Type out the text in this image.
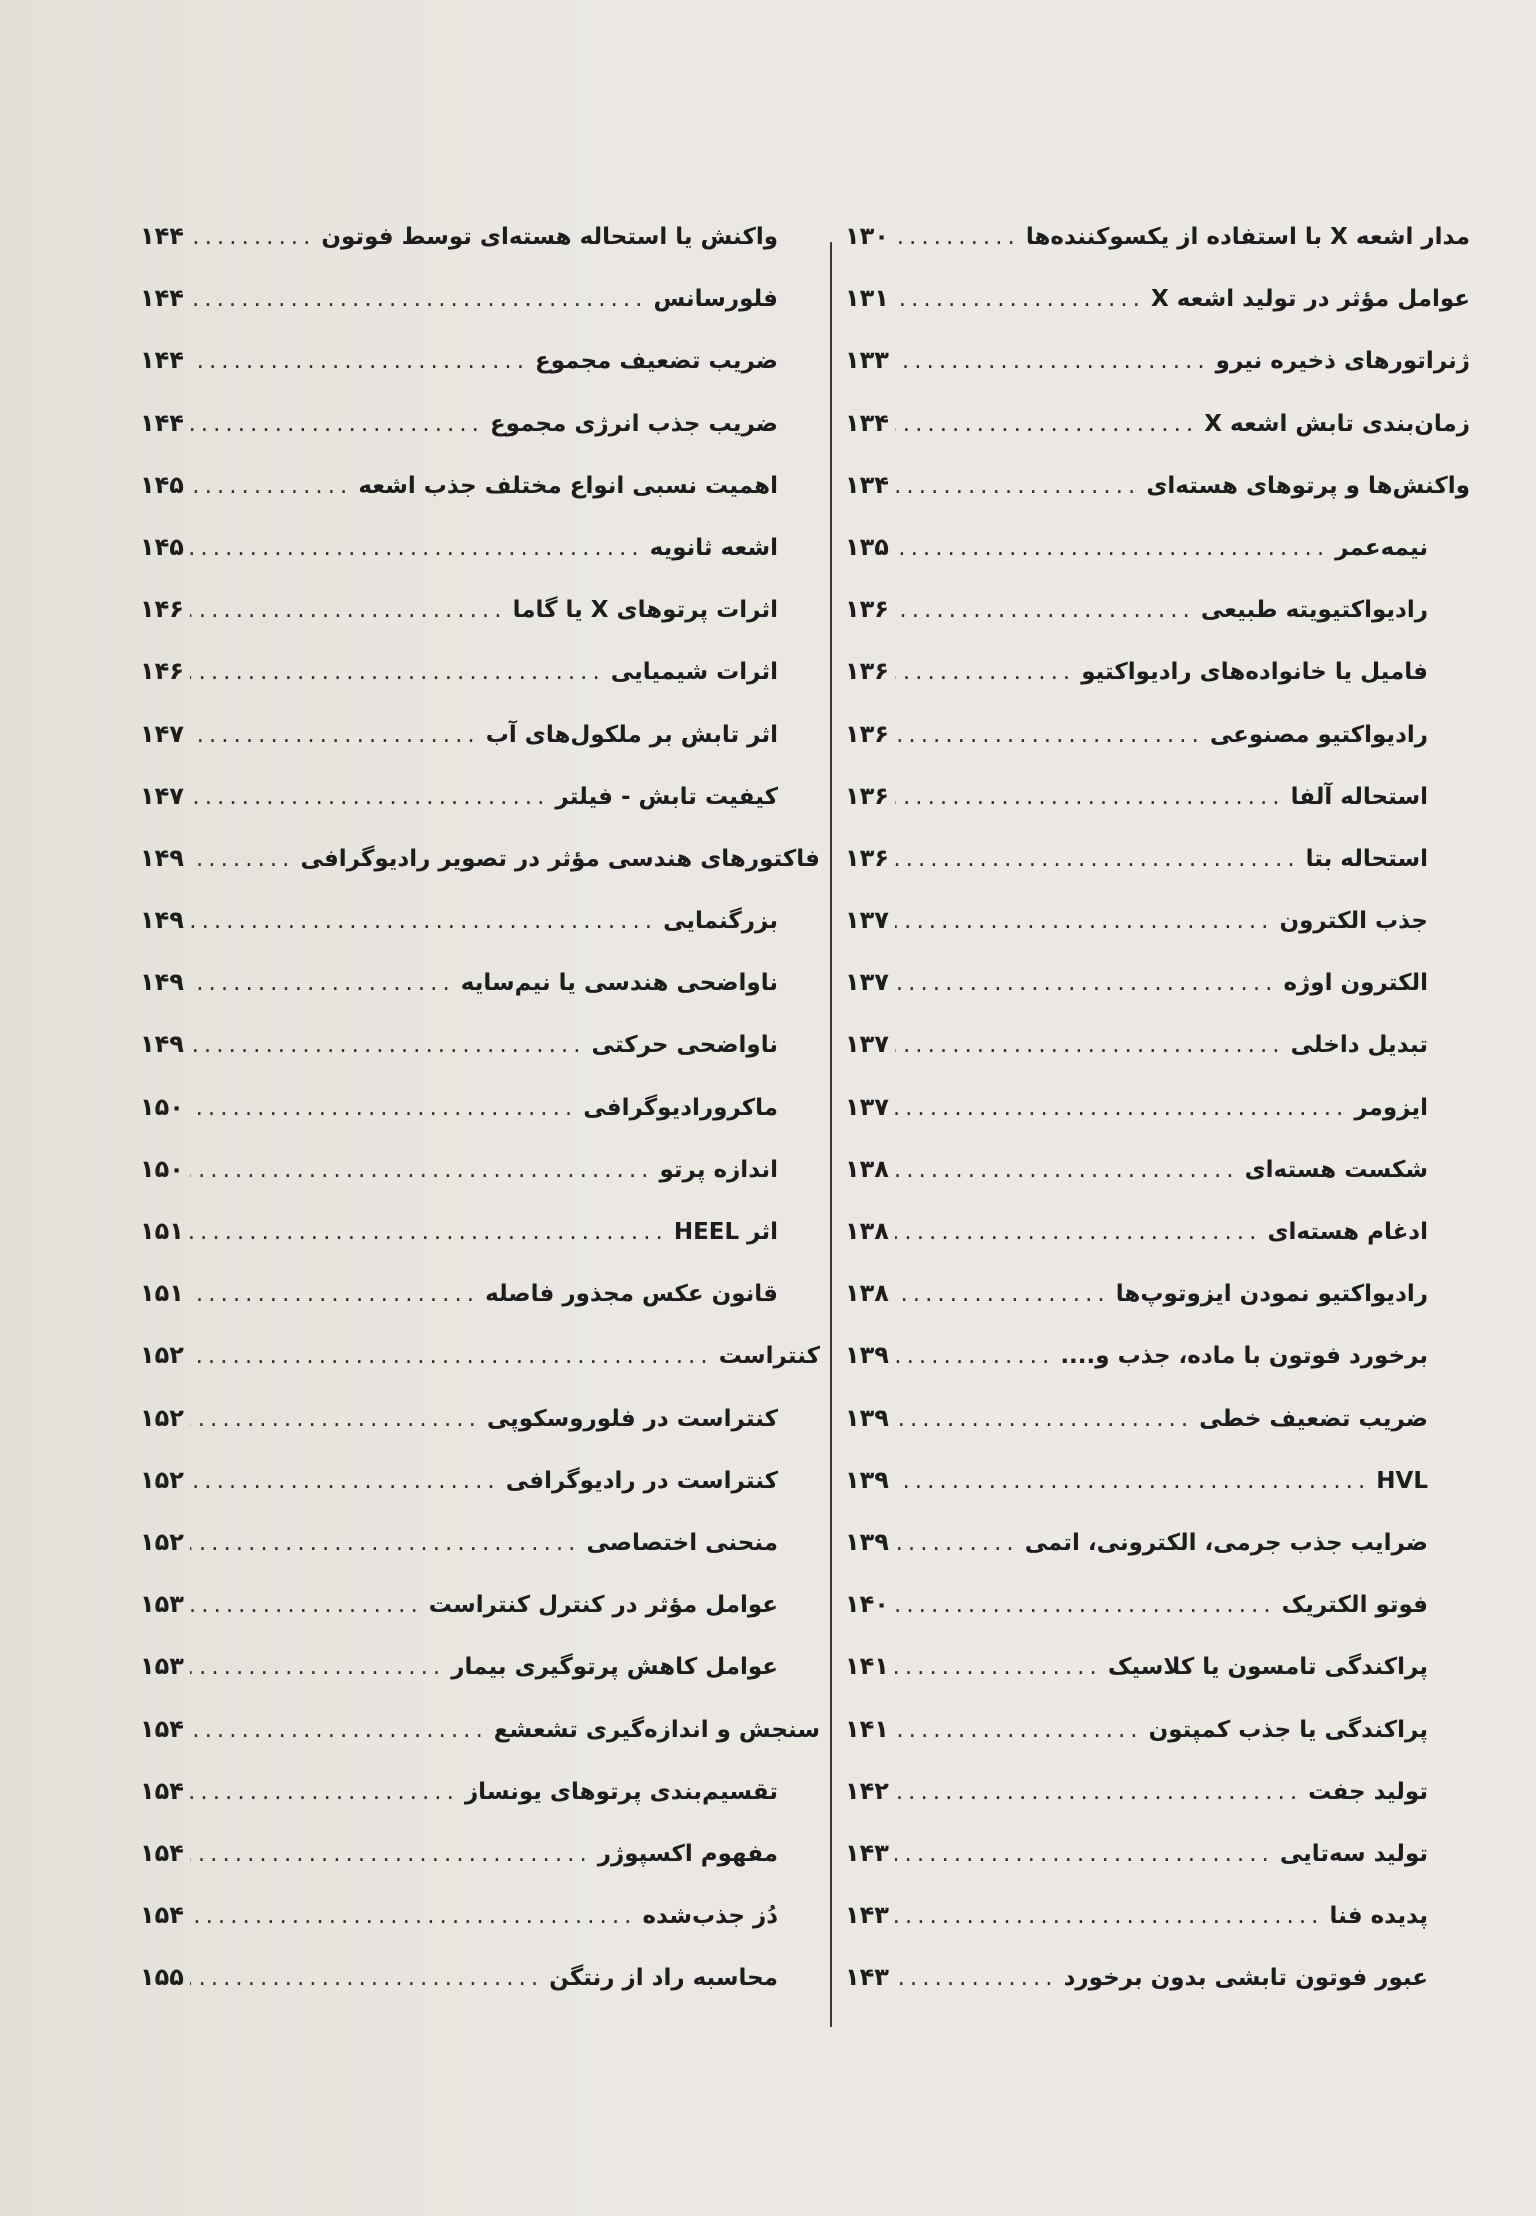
مدار اشعه X با استفاده از یکسوکننده‌ها
.....
۱۳۰
عوامل مؤثر در تولید اشعه X
.....
۱۳۱
ژنراتورهای ذخیره نیرو
.....
۱۳۳
زمان‌بندی تابش اشعه X
.....
۱۳۴
واکنش‌ها و پرتوهای هسته‌ای
.....
۱۳۴
نیمه‌عمر
.....
۱۳۵
رادیواکتیویته طبیعی
.....
۱۳۶
فامیل یا خانواده‌های رادیواکتیو
.....
۱۳۶
رادیواکتیو مصنوعی
.....
۱۳۶
استحاله آلفا
.....
۱۳۶
استحاله بتا
.....
۱۳۶
جذب الکترون
.....
۱۳۷
الکترون اوژه
.....
۱۳۷
تبدیل داخلی
.....
۱۳۷
ایزومر
.....
۱۳۷
شکست هسته‌ای
.....
۱۳۸
ادغام هسته‌ای
.....
۱۳۸
رادیواکتیو نمودن ایزوتوپ‌ها
.....
۱۳۸
برخورد فوتون با ماده، جذب و....
.....
۱۳۹
ضریب تضعیف خطی
.....
۱۳۹
HVL
.....
۱۳۹
ضرایب جذب جرمی، الکترونی، اتمی
.....
۱۳۹
فوتو الکتریک
.....
۱۴۰
پراکندگی تامسون یا کلاسیک
.....
۱۴۱
پراکندگی یا جذب کمپتون
.....
۱۴۱
تولید جفت
.....
۱۴۲
تولید سه‌تایی
.....
۱۴۳
پدیده فنا
.....
۱۴۳
عبور فوتون تابشی بدون برخورد
.....
۱۴۳
واکنش یا استحاله هسته‌ای توسط فوتون
.....
۱۴۴
فلورسانس
.....
۱۴۴
ضریب تضعیف مجموع
.....
۱۴۴
ضریب جذب انرژی مجموع
.....
۱۴۴
اهمیت نسبی انواع مختلف جذب اشعه
.....
۱۴۵
اشعه ثانویه
.....
۱۴۵
اثرات پرتوهای X یا گاما
.....
۱۴۶
اثرات شیمیایی
.....
۱۴۶
اثر تابش بر ملکول‌های آب
.....
۱۴۷
کیفیت تابش - فیلتر
.....
۱۴۷
فاکتورهای هندسی مؤثر در تصویر رادیوگرافی
.....
۱۴۹
بزرگنمایی
.....
۱۴۹
ناواضحی هندسی یا نیم‌سایه
.....
۱۴۹
ناواضحی حرکتی
.....
۱۴۹
ماکرورادیوگرافی
.....
۱۵۰
اندازه پرتو
.....
۱۵۰
اثر HEEL
.....
۱۵۱
قانون عکس مجذور فاصله
.....
۱۵۱
کنتراست
.....
۱۵۲
کنتراست در فلوروسکوپی
.....
۱۵۲
کنتراست در رادیوگرافی
.....
۱۵۲
منحنی اختصاصی
.....
۱۵۲
عوامل مؤثر در کنترل کنتراست
.....
۱۵۳
عوامل کاهش پرتوگیری بیمار
.....
۱۵۳
سنجش و اندازه‌گیری تشعشع
.....
۱۵۴
تقسیم‌بندی پرتوهای یونساز
.....
۱۵۴
مفهوم اکسپوژر
.....
۱۵۴
دُز جذب‌شده
.....
۱۵۴
محاسبه راد از رنتگن
.....
۱۵۵
